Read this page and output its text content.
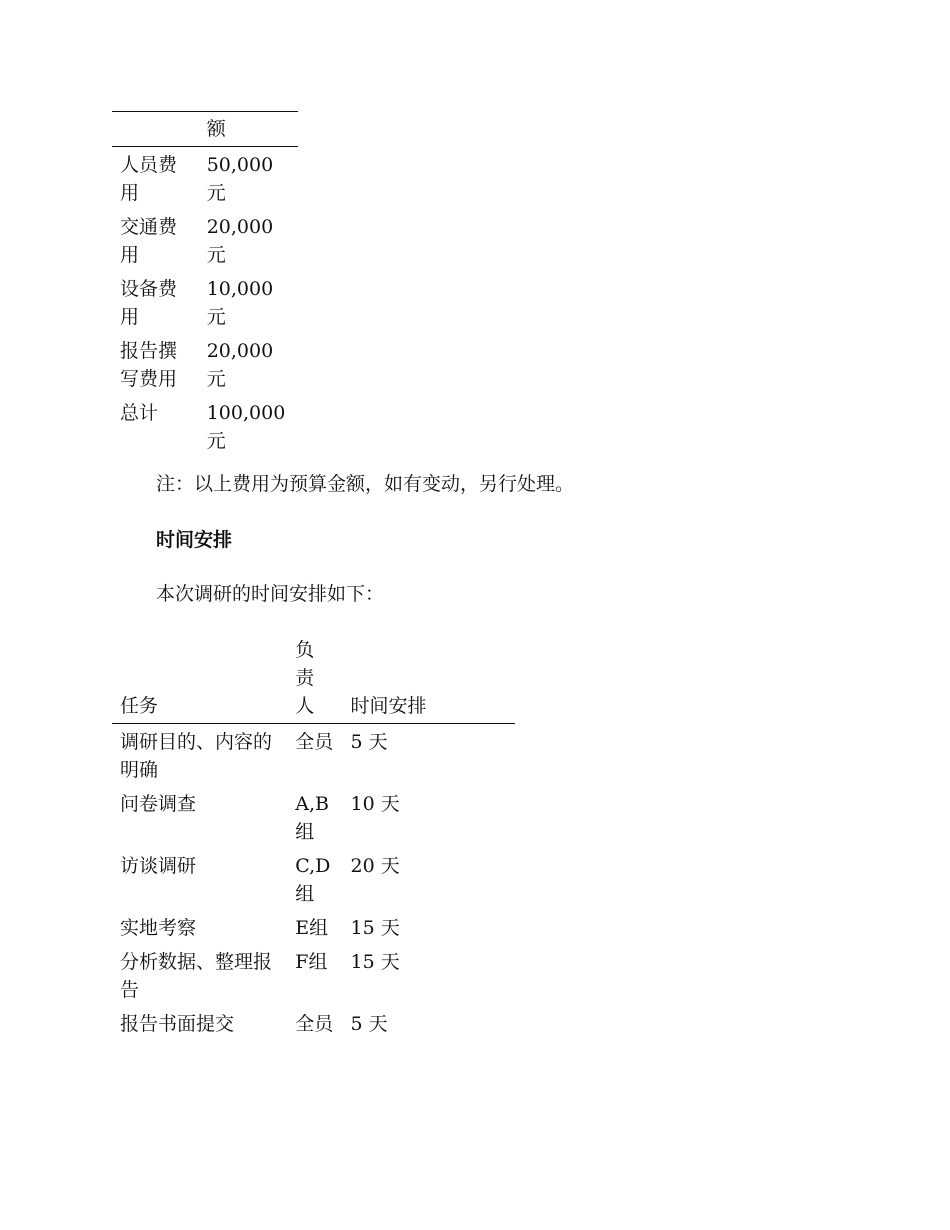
	额

人员费用	50,000元

交通费用	20,000元

设备费用	10,000元

报告撰写费用	20,000元

总计	100,000元
注：以上费用为预算金额，如有变动，另行处理。
时间安排
本次调研的时间安排如下：
任务	负责人	时间安排

调研目的、内容的明确	全员	5 天

问卷调查	A,B组	10 天

访谈调研	C,D组	20 天

实地考察	E组	15 天

分析数据、整理报告	F组	15 天

报告书面提交	全员	5 天
